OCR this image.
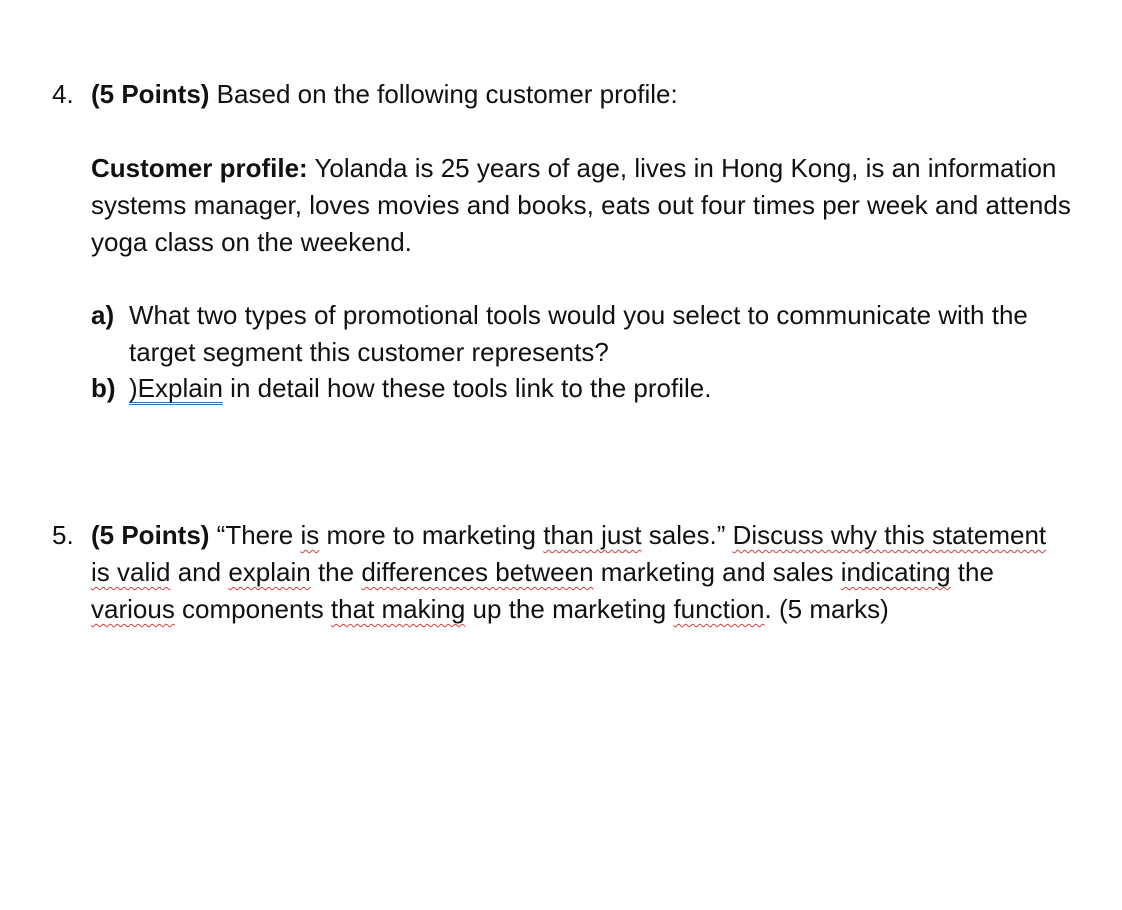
4. (5 Points) Based on the following customer profile:
Customer profile: Yolanda is 25 years of age, lives in Hong Kong, is an information systems manager, loves movies and books, eats out four times per week and attends yoga class on the weekend.
a) What two types of promotional tools would you select to communicate with the target segment this customer represents?
b) )Explain in detail how these tools link to the profile.
5. (5 Points) “There is more to marketing than just sales.” Discuss why this statement is valid and explain the differences between marketing and sales indicating the various components that making up the marketing function. (5 marks)
